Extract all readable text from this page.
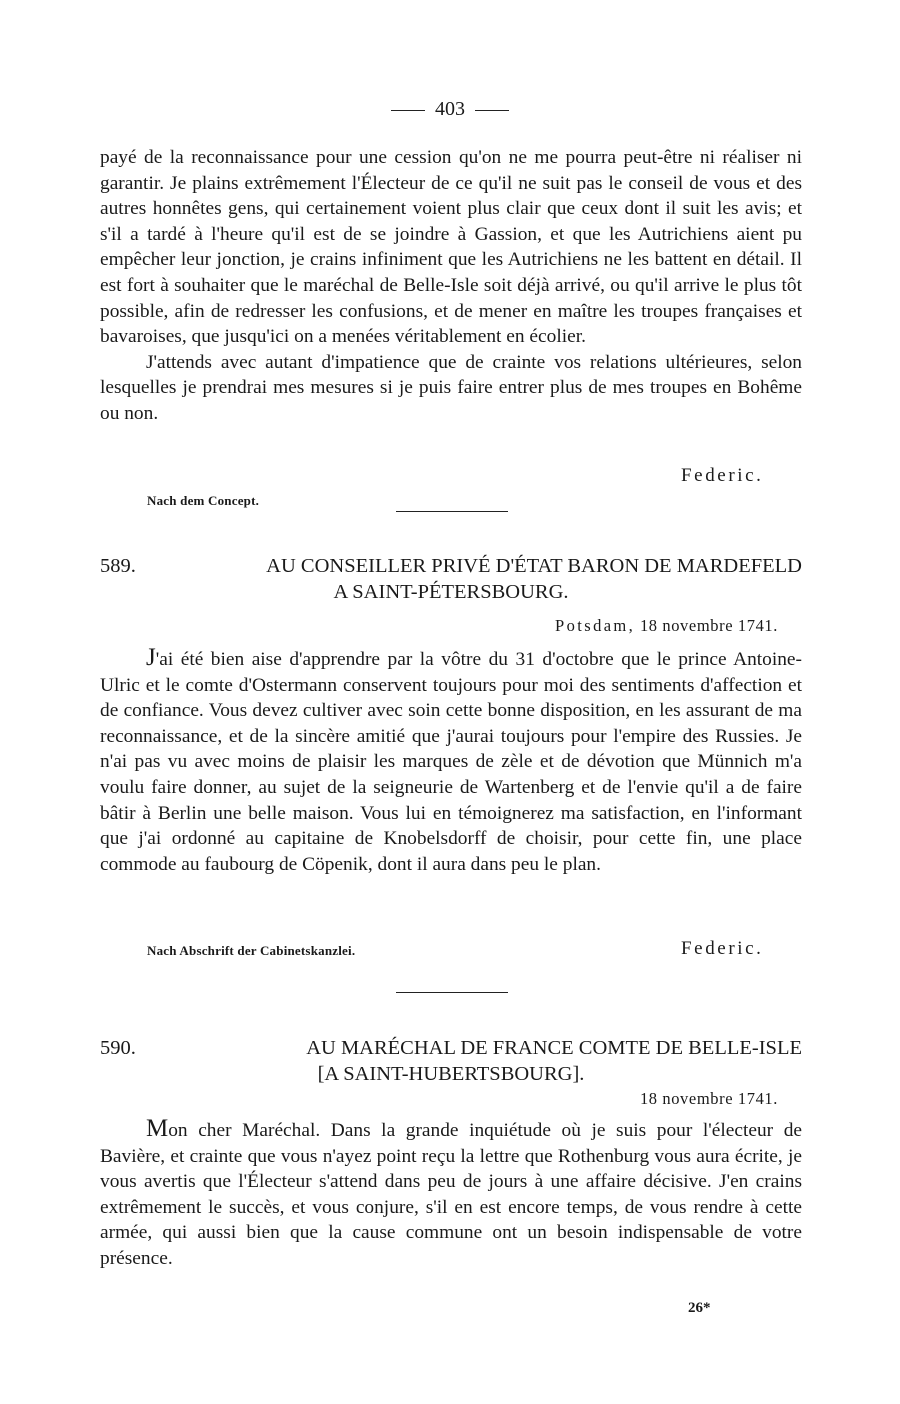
403

payé de la reconnaissance pour une cession qu'on ne me pourra peut-être ni réaliser ni garantir. Je plains extrêmement l'Électeur de ce qu'il ne suit pas le conseil de vous et des autres honnêtes gens, qui certainement voient plus clair que ceux dont il suit les avis; et s'il a tardé à l'heure qu'il est de se joindre à Gassion, et que les Autrichiens aient pu empêcher leur jonction, je crains infiniment que les Autrichiens ne les battent en détail. Il est fort à souhaiter que le maréchal de Belle-Isle soit déjà arrivé, ou qu'il arrive le plus tôt possible, afin de redresser les confusions, et de mener en maître les troupes françaises et bavaroises, que jusqu'ici on a menées véritablement en écolier.

J'attends avec autant d'impatience que de crainte vos relations ultérieures, selon lesquelles je prendrai mes mesures si je puis faire entrer plus de mes troupes en Bohême ou non.

Federic.
Nach dem Concept.
589.	AU CONSEILLER PRIVÉ D'ÉTAT BARON DE MARDEFELD
A SAINT-PÉTERSBOURG.
Potsdam, 18 novembre 1741.

J'ai été bien aise d'apprendre par la vôtre du 31 d'octobre que le prince Antoine-Ulric et le comte d'Ostermann conservent toujours pour moi des sentiments d'affection et de confiance. Vous devez cultiver avec soin cette bonne disposition, en les assurant de ma reconnaissance, et de la sincère amitié que j'aurai toujours pour l'empire des Russies. Je n'ai pas vu avec moins de plaisir les marques de zèle et de dévotion que Münnich m'a voulu faire donner, au sujet de la seigneurie de Wartenberg et de l'envie qu'il a de faire bâtir à Berlin une belle maison. Vous lui en témoignerez ma satisfaction, en l'informant que j'ai ordonné au capitaine de Knobelsdorff de choisir, pour cette fin, une place commode au faubourg de Cöpenik, dont il aura dans peu le plan.

Nach Abschrift der Cabinetskanzlei.	Federic.
590.	AU MARÉCHAL DE FRANCE COMTE DE BELLE-ISLE
[A SAINT-HUBERTSBOURG].
18 novembre 1741.

Mon cher Maréchal. Dans la grande inquiétude où je suis pour l'électeur de Bavière, et crainte que vous n'ayez point reçu la lettre que Rothenburg vous aura écrite, je vous avertis que l'Électeur s'attend dans peu de jours à une affaire décisive. J'en crains extrêmement le succès, et vous conjure, s'il en est encore temps, de vous rendre à cette armée, qui aussi bien que la cause commune ont un besoin indispensable de votre présence.

26*
